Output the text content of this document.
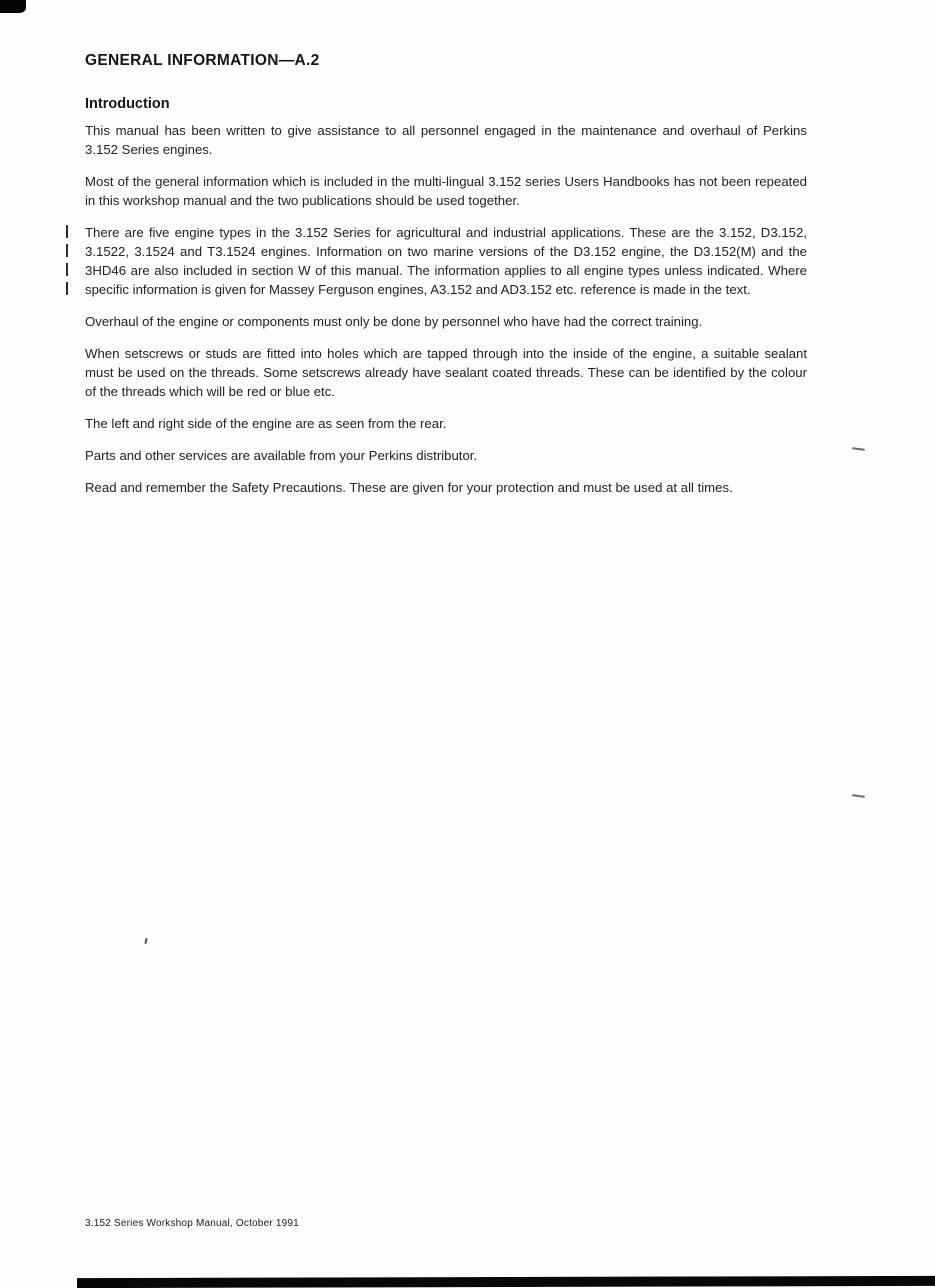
GENERAL INFORMATION—A.2
Introduction

This manual has been written to give assistance to all personnel engaged in the maintenance and overhaul of Perkins 3.152 Series engines.

Most of the general information which is included in the multi-lingual 3.152 series Users Handbooks has not been repeated in this workshop manual and the two publications should be used together.

There are five engine types in the 3.152 Series for agricultural and industrial applications. These are the 3.152, D3.152, 3.1522, 3.1524 and T3.1524 engines. Information on two marine versions of the D3.152 engine, the D3.152(M) and the 3HD46 are also included in section W of this manual. The information applies to all engine types unless indicated. Where specific information is given for Massey Ferguson engines, A3.152 and AD3.152 etc. reference is made in the text.

Overhaul of the engine or components must only be done by personnel who have had the correct training.

When setscrews or studs are fitted into holes which are tapped through into the inside of the engine, a suitable sealant must be used on the threads. Some setscrews already have sealant coated threads. These can be identified by the colour of the threads which will be red or blue etc.

The left and right side of the engine are as seen from the rear.

Parts and other services are available from your Perkins distributor.

Read and remember the Safety Precautions. These are given for your protection and must be used at all times.

3.152 Series Workshop Manual, October 1991
